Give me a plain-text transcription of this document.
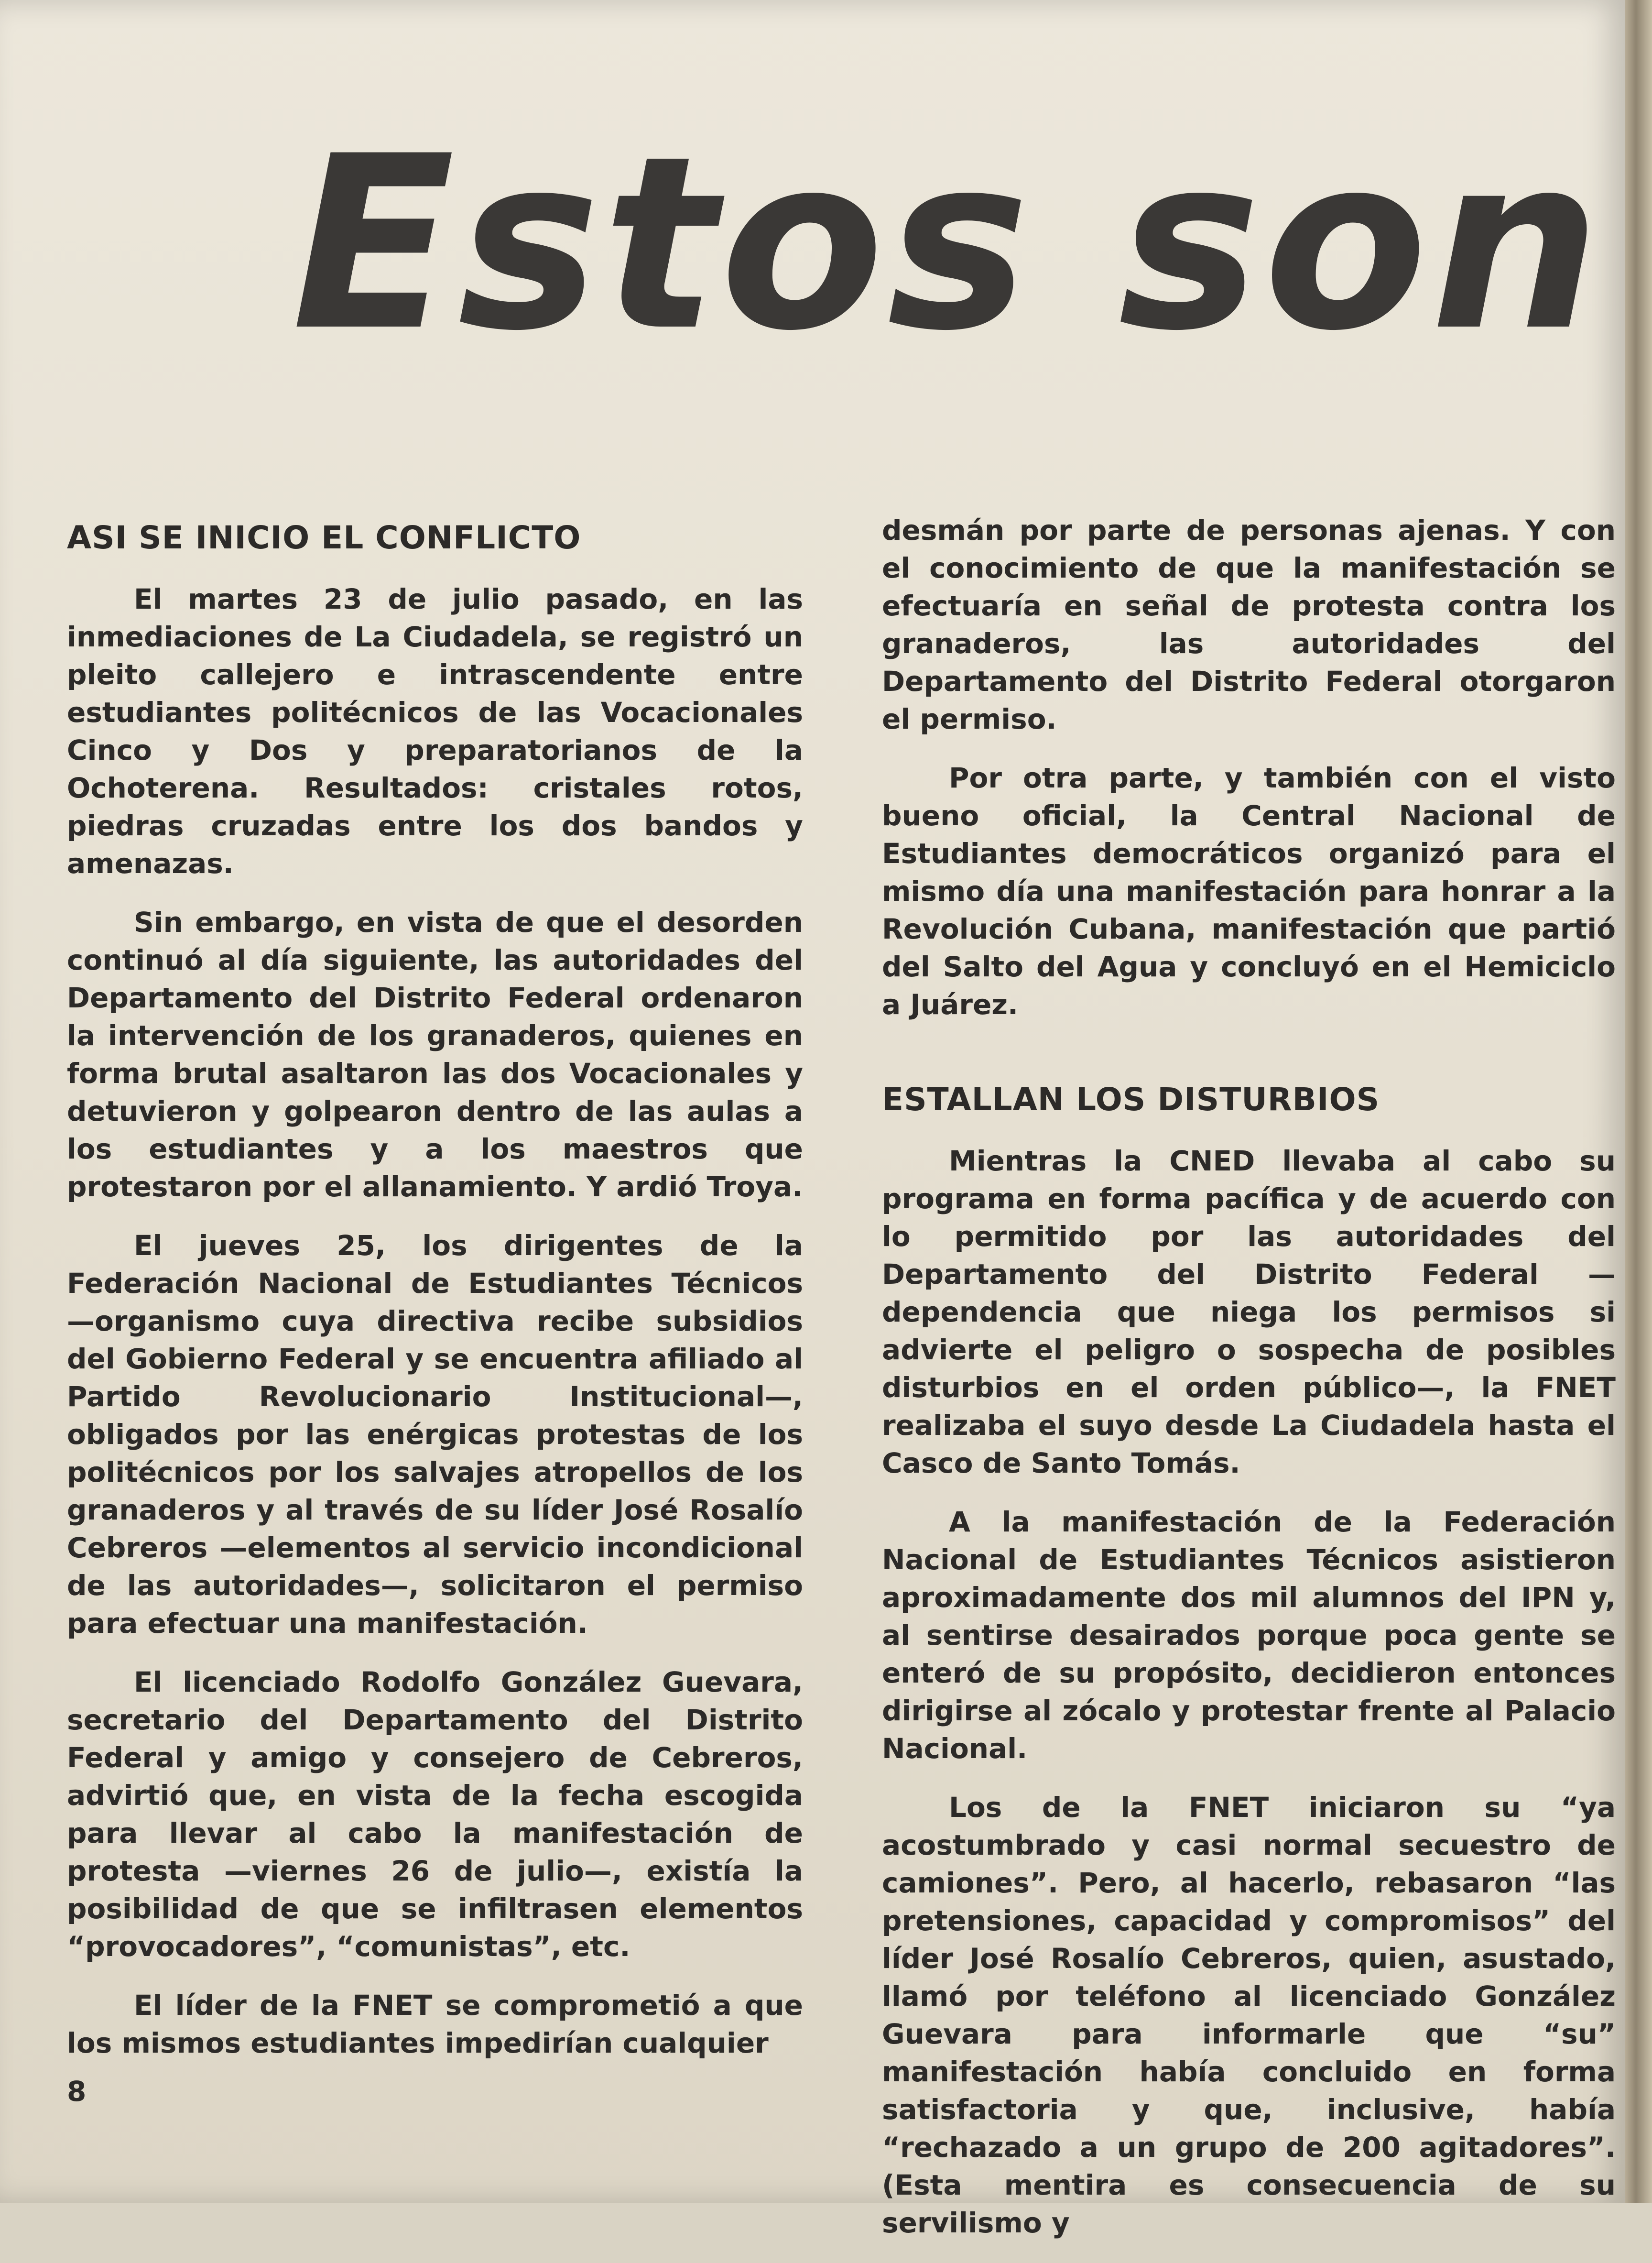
Estos son
ASI SE INICIO EL CONFLICTO

El martes 23 de julio pasado, en las inmediaciones de La Ciudadela, se registró un pleito callejero e intrascendente entre estudiantes politécnicos de las Vocacionales Cinco y Dos y preparatorianos de la Ochoterena. Resultados: cristales rotos, piedras cruzadas entre los dos bandos y amenazas.

Sin embargo, en vista de que el desorden continuó al día siguiente, las autoridades del Departamento del Distrito Federal ordenaron la intervención de los granaderos, quienes en forma brutal asaltaron las dos Vocacionales y detuvieron y golpearon dentro de las aulas a los estudiantes y a los maestros que protestaron por el allanamiento. Y ardió Troya.

El jueves 25, los dirigentes de la Federación Nacional de Estudiantes Técnicos —organismo cuya directiva recibe subsidios del Gobierno Federal y se encuentra afiliado al Partido Revolucionario Institucional—, obligados por las enérgicas protestas de los politécnicos por los salvajes atropellos de los granaderos y al través de su líder José Rosalío Cebreros —elementos al servicio incondicional de las autoridades—, solicitaron el permiso para efectuar una manifestación.

El licenciado Rodolfo González Guevara, secretario del Departamento del Distrito Federal y amigo y consejero de Cebreros, advirtió que, en vista de la fecha escogida para llevar al cabo la manifestación de protesta —viernes 26 de julio—, existía la posibilidad de que se infiltrasen elementos “provocadores”, “comunistas”, etc.

El líder de la FNET se comprometió a que los mismos estudiantes impedirían cualquier

desmán por parte de personas ajenas. Y con el conocimiento de que la manifestación se efectuaría en señal de protesta contra los granaderos, las autoridades del Departamento del Distrito Federal otorgaron el permiso.

Por otra parte, y también con el visto bueno oficial, la Central Nacional de Estudiantes democráticos organizó para el mismo día una manifestación para honrar a la Revolución Cubana, manifestación que partió del Salto del Agua y concluyó en el Hemiciclo a Juárez.

ESTALLAN LOS DISTURBIOS

Mientras la CNED llevaba al cabo su programa en forma pacífica y de acuerdo con lo permitido por las autoridades del Departamento del Distrito Federal —dependencia que niega los permisos si advierte el peligro o sospecha de posibles disturbios en el orden público—, la FNET realizaba el suyo desde La Ciudadela hasta el Casco de Santo Tomás.

A la manifestación de la Federación Nacional de Estudiantes Técnicos asistieron aproximadamente dos mil alumnos del IPN y, al sentirse desairados porque poca gente se enteró de su propósito, decidieron entonces dirigirse al zócalo y protestar frente al Palacio Nacional.

Los de la FNET iniciaron su “ya acostumbrado y casi normal secuestro de camiones”. Pero, al hacerlo, rebasaron “las pretensiones, capacidad y compromisos” del líder José Rosalío Cebreros, quien, asustado, llamó por teléfono al licenciado González Guevara para informarle que “su” manifestación había concluido en forma satisfactoria y que, inclusive, había “rechazado a un grupo de 200 agitadores”. (Esta mentira es consecuencia de su servilismo y

8
